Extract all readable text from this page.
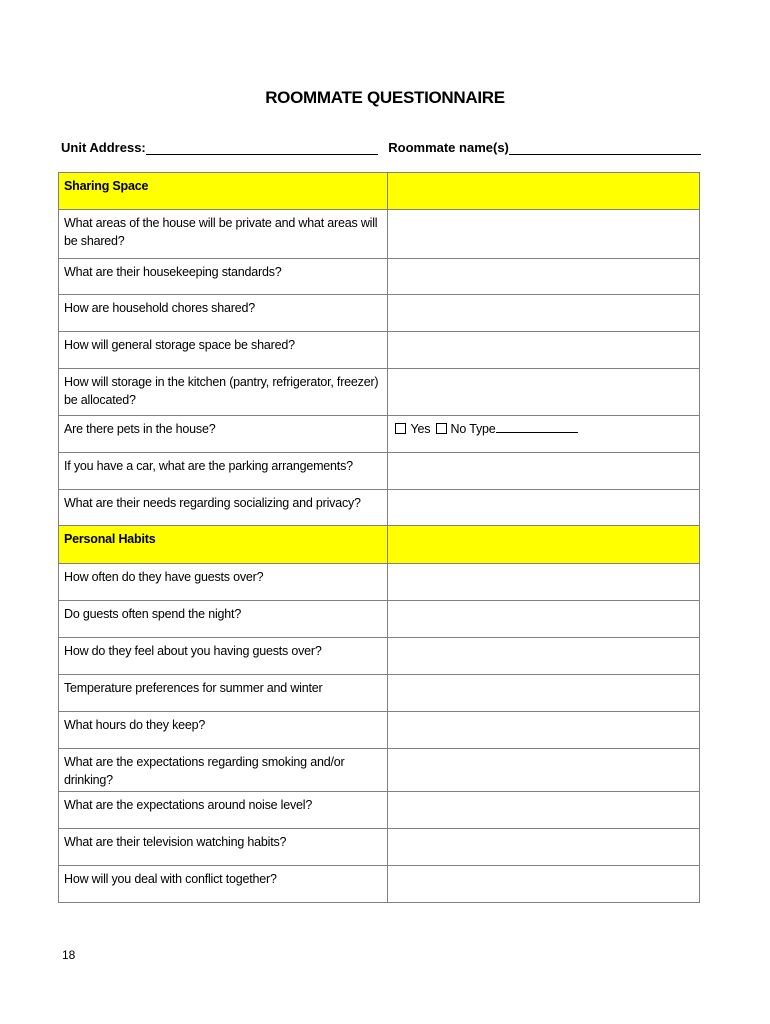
ROOMMATE QUESTIONNAIRE
Unit Address:	Roommate name(s)
Sharing Space	
What areas of the house will be private and what areas will be shared?	
What are their housekeeping standards?	
How are household chores shared?	
How will general storage space be shared?	
How will storage in the kitchen (pantry, refrigerator, freezer) be allocated?	
Are there pets in the house?	Yes No Type
If you have a car, what are the parking arrangements?	
What are their needs regarding socializing and privacy?	
Personal Habits	
How often do they have guests over?	
Do guests often spend the night?	
How do they feel about you having guests over?	
Temperature preferences for summer and winter	
What hours do they keep?	
What are the expectations regarding smoking and/or drinking?	
What are the expectations around noise level?	
What are their television watching habits?	
How will you deal with conflict together?	
18
